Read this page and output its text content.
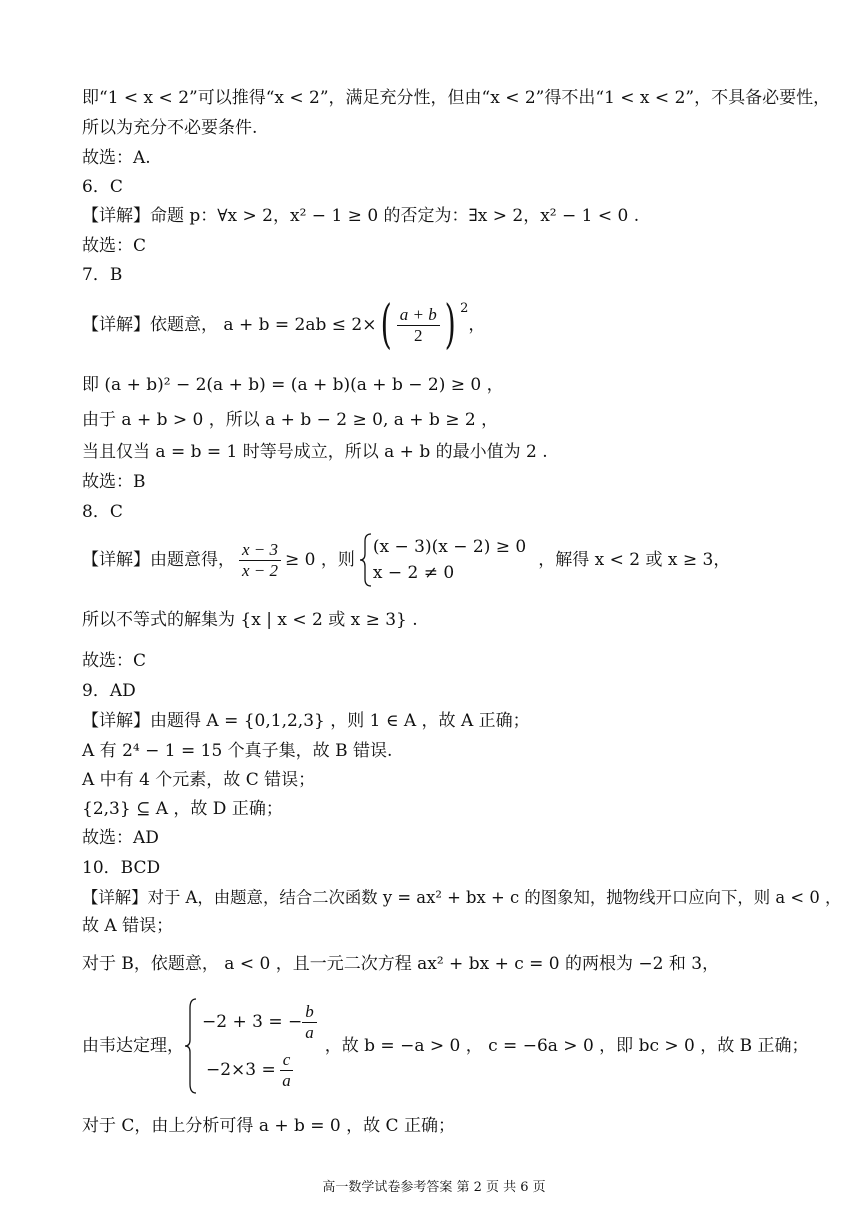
即“1 < x < 2”可以推得“x < 2”，满足充分性，但由“x < 2”得不出“1 < x < 2”，不具备必要性，
所以为充分不必要条件.
故选：A.
6．C
【详解】命题 p：∀x > 2，x² − 1 ≥ 0 的否定为：∃x > 2，x² − 1 < 0 .
故选：C
7．B
【详解】 依题意， a + b = 2ab ≤ 2× ( $\frac{a + b}{2}$ ) $^2$
，
即 (a + b)² − 2(a + b) = (a + b)(a + b − 2) ≥ 0 ，
由于 a + b > 0 ，所以 a + b − 2 ≥ 0, a + b ≥ 2 ，
当且仅当 a = b = 1 时等号成立，所以 a + b 的最小值为 2 .
故选：B
8．C
【详解】 由题意得， $\frac{x - 3}{x - 2} \ge 0$ ，则
(x − 3)(x − 2) ≥ 0
x − 2 ≠ 0
，解得 x < 2 或 x ≥ 3，
所以不等式的解集为 {x | x < 2 或 x ≥ 3} .
故选：C
9．AD
【详解】由题得 A = {0,1,2,3} ，则 1 ∈ A ，故 A 正确；
A 有 2⁴ − 1 = 15 个真子集，故 B 错误.
A 中有 4 个元素，故 C 错误；
{2,3} ⊆ A ，故 D 正确；
故选：AD
10．BCD
【详解】对于 A，由题意，结合二次函数 y = ax² + bx + c 的图象知，抛物线开口应向下，则 a < 0 ，
故 A 错误；
对于 B，依题意， a < 0 ，且一元二次方程 ax² + bx + c = 0 的两根为 −2 和 3，
由韦达定理，
−2 + 3 = − $\frac{b}{a}$
$-2\times 3 = \frac{c}{a}$
，故 b = −a > 0 ， c = −6a > 0 ，即 bc > 0 ，故 B 正确；
对于 C，由上分析可得 a + b = 0 ，故 C 正确；
高一数学试卷参考答案 第 2 页 共 6 页
